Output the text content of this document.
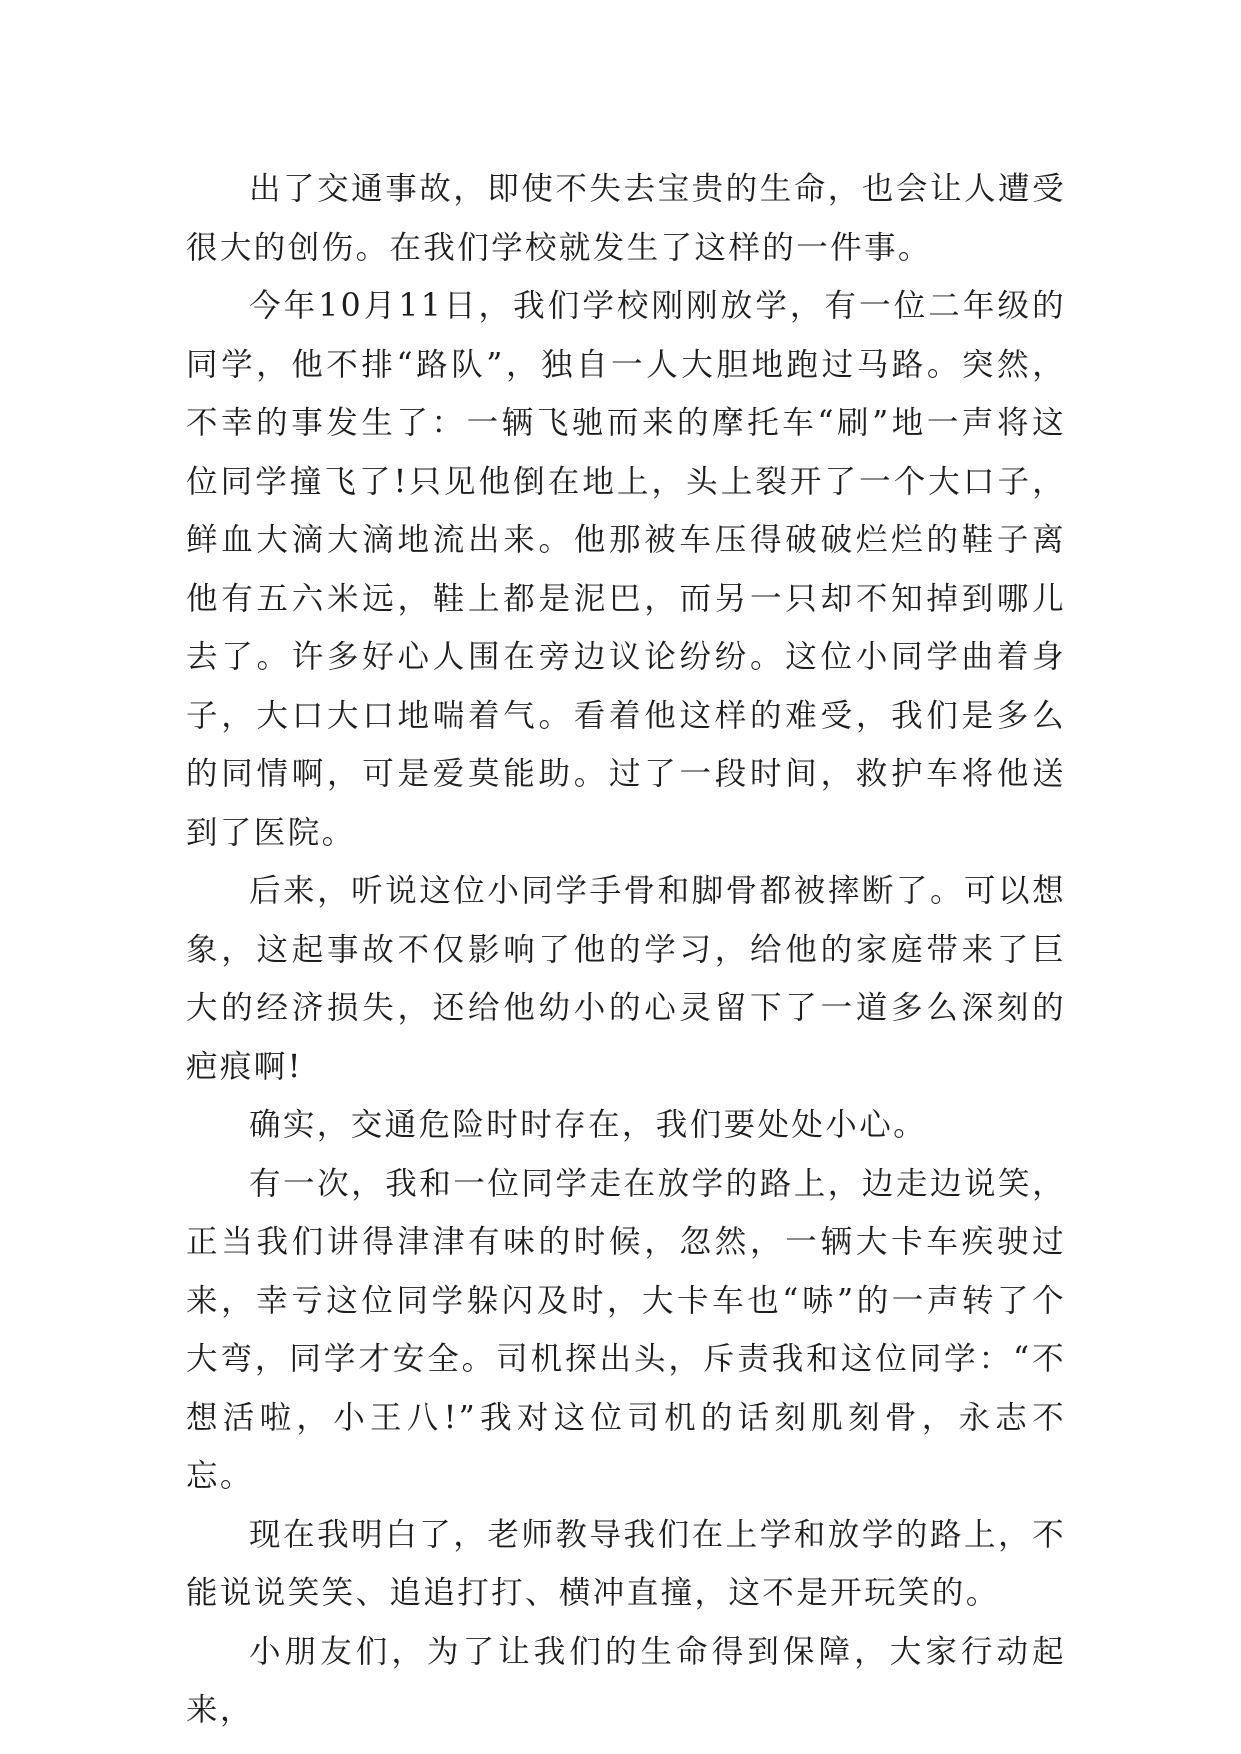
出了交通事故，即使不失去宝贵的生命，也会让人遭受很大的创伤。在我们学校就发生了这样的一件事。

今年10月11日，我们学校刚刚放学，有一位二年级的同学，他不排“路队”，独自一人大胆地跑过马路。突然，不幸的事发生了：一辆飞驰而来的摩托车“刷”地一声将这位同学撞飞了!只见他倒在地上，头上裂开了一个大口子，鲜血大滴大滴地流出来。他那被车压得破破烂烂的鞋子离他有五六米远，鞋上都是泥巴，而另一只却不知掉到哪儿去了。许多好心人围在旁边议论纷纷。这位小同学曲着身子，大口大口地喘着气。看着他这样的难受，我们是多么的同情啊，可是爱莫能助。过了一段时间，救护车将他送到了医院。

后来，听说这位小同学手骨和脚骨都被摔断了。可以想象，这起事故不仅影响了他的学习，给他的家庭带来了巨大的经济损失，还给他幼小的心灵留下了一道多么深刻的疤痕啊!

确实，交通危险时时存在，我们要处处小心。

有一次，我和一位同学走在放学的路上，边走边说笑，正当我们讲得津津有味的时候，忽然，一辆大卡车疾驶过来，幸亏这位同学躲闪及时，大卡车也“哧”的一声转了个大弯，同学才安全。司机探出头，斥责我和这位同学：“不想活啦，小王八!”我对这位司机的话刻肌刻骨，永志不忘。

现在我明白了，老师教导我们在上学和放学的路上，不能说说笑笑、追追打打、横冲直撞，这不是开玩笑的。

小朋友们，为了让我们的生命得到保障，大家行动起来，
